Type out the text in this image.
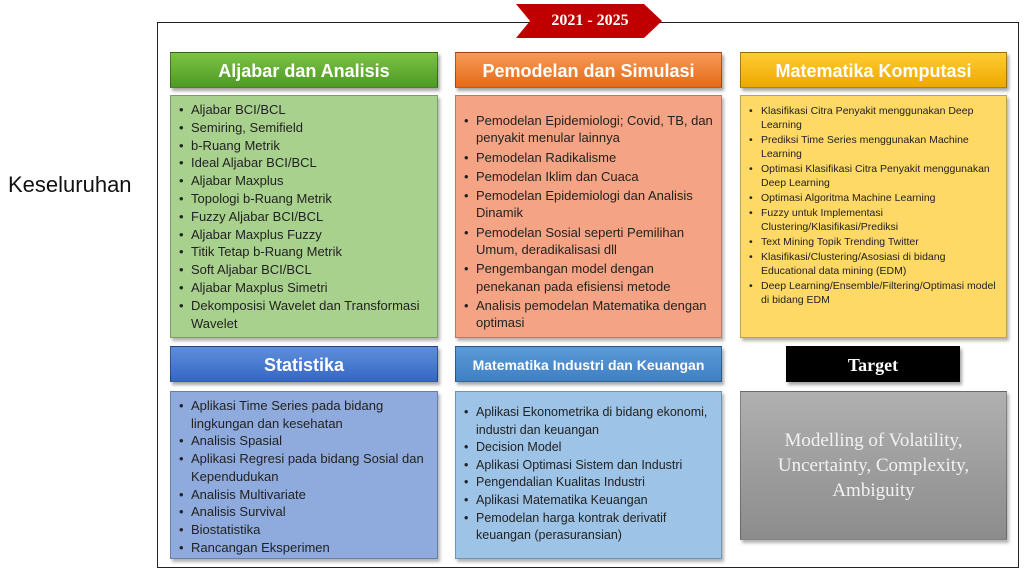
Keseluruhan
2021 - 2025
Aljabar dan Analisis
• Aljabar BCI/BCL
• Semiring, Semifield
• b-Ruang Metrik
• Ideal Aljabar BCI/BCL
• Aljabar Maxplus
• Topologi b-Ruang Metrik
• Fuzzy Aljabar BCI/BCL
• Aljabar Maxplus Fuzzy
• Titik Tetap b-Ruang Metrik
• Soft Aljabar BCI/BCL
• Aljabar Maxplus Simetri
• Dekomposisi Wavelet dan Transformasi Wavelet
Pemodelan dan Simulasi
• Pemodelan Epidemiologi; Covid, TB, dan penyakit menular lainnya
• Pemodelan Radikalisme
• Pemodelan Iklim dan Cuaca
• Pemodelan Epidemiologi dan Analisis Dinamik
• Pemodelan Sosial seperti Pemilihan Umum, deradikalisasi dll
• Pengembangan model dengan penekanan pada efisiensi metode
• Analisis pemodelan Matematika dengan optimasi
Matematika Komputasi
• Klasifikasi Citra Penyakit menggunakan Deep Learning
• Prediksi Time Series menggunakan Machine Learning
• Optimasi Klasifikasi Citra Penyakit menggunakan Deep Learning
• Optimasi Algoritma Machine Learning
• Fuzzy untuk Implementasi Clustering/Klasifikasi/Prediksi
• Text Mining Topik Trending Twitter
• Klasifikasi/Clustering/Asosiasi di bidang Educational data mining (EDM)
• Deep Learning/Ensemble/Filtering/Optimasi model di bidang EDM
Statistika
• Aplikasi Time Series pada bidang lingkungan dan kesehatan
• Analisis Spasial
• Aplikasi Regresi pada bidang Sosial dan Kependudukan
• Analisis Multivariate
• Analisis Survival
• Biostatistika
• Rancangan Eksperimen
Matematika Industri dan Keuangan
• Aplikasi Ekonometrika di bidang ekonomi, industri dan keuangan
• Decision Model
• Aplikasi Optimasi Sistem dan Industri
• Pengendalian Kualitas Industri
• Aplikasi Matematika Keuangan
• Pemodelan harga kontrak derivatif keuangan (perasuransian)
Target
Modelling of Volatility, Uncertainty, Complexity, Ambiguity
